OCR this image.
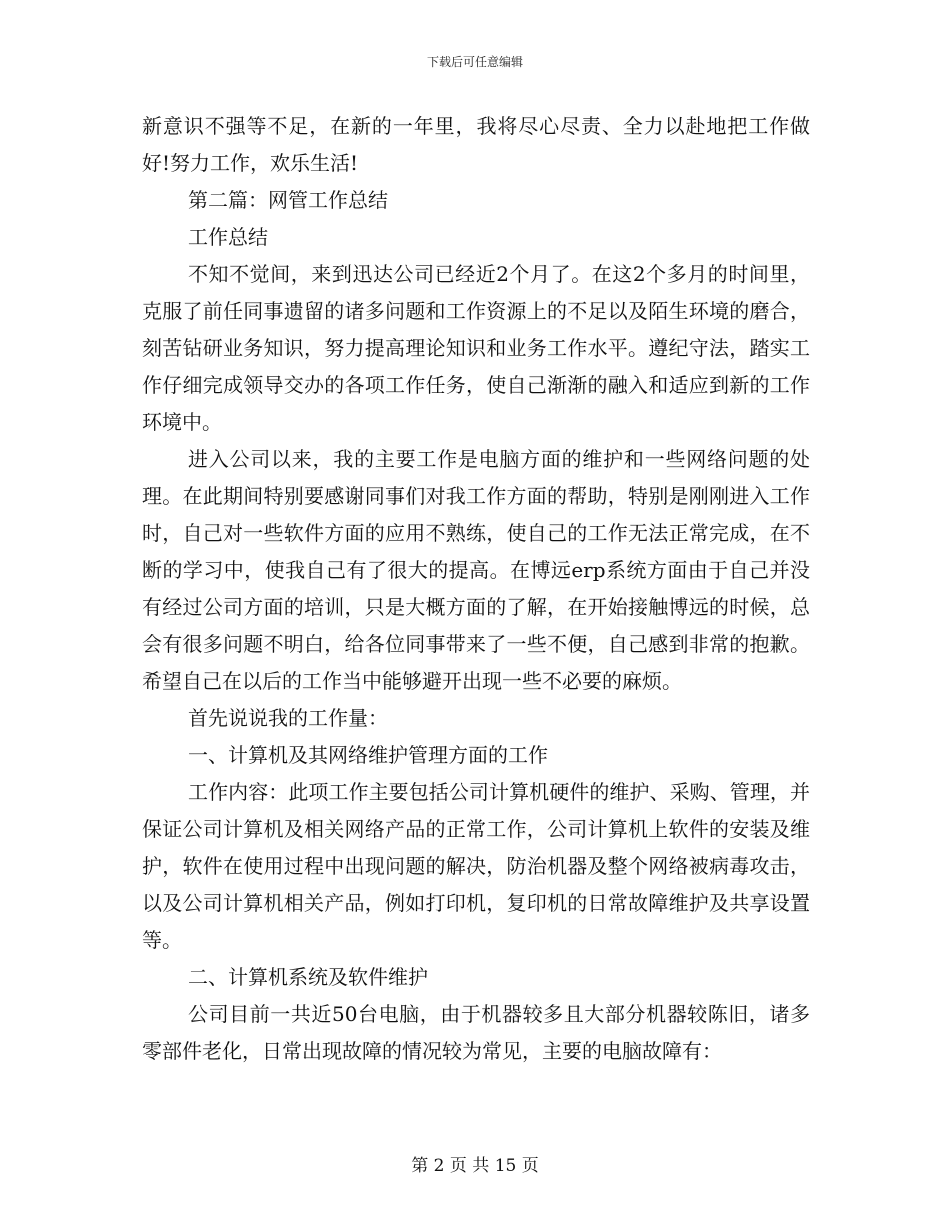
下载后可任意编辑

新意识不强等不足，在新的一年里，我将尽心尽责、全力以赴地把工作做好!努力工作，欢乐生活!

第二篇：网管工作总结

工作总结

不知不觉间，来到迅达公司已经近2个月了。在这2个多月的时间里，克服了前任同事遗留的诸多问题和工作资源上的不足以及陌生环境的磨合，刻苦钻研业务知识，努力提高理论知识和业务工作水平。遵纪守法，踏实工作仔细完成领导交办的各项工作任务，使自己渐渐的融入和适应到新的工作环境中。

进入公司以来，我的主要工作是电脑方面的维护和一些网络问题的处理。在此期间特别要感谢同事们对我工作方面的帮助，特别是刚刚进入工作时，自己对一些软件方面的应用不熟练，使自己的工作无法正常完成，在不断的学习中，使我自己有了很大的提高。在博远erp系统方面由于自己并没有经过公司方面的培训，只是大概方面的了解，在开始接触博远的时候，总会有很多问题不明白，给各位同事带来了一些不便，自己感到非常的抱歉。希望自己在以后的工作当中能够避开出现一些不必要的麻烦。

首先说说我的工作量：

一、计算机及其网络维护管理方面的工作

工作内容：此项工作主要包括公司计算机硬件的维护、采购、管理，并保证公司计算机及相关网络产品的正常工作，公司计算机上软件的安装及维护，软件在使用过程中出现问题的解决，防治机器及整个网络被病毒攻击，以及公司计算机相关产品，例如打印机，复印机的日常故障维护及共享设置等。

二、计算机系统及软件维护

公司目前一共近50台电脑，由于机器较多且大部分机器较陈旧，诸多零部件老化，日常出现故障的情况较为常见，主要的电脑故障有：

第 2 页 共 15 页
